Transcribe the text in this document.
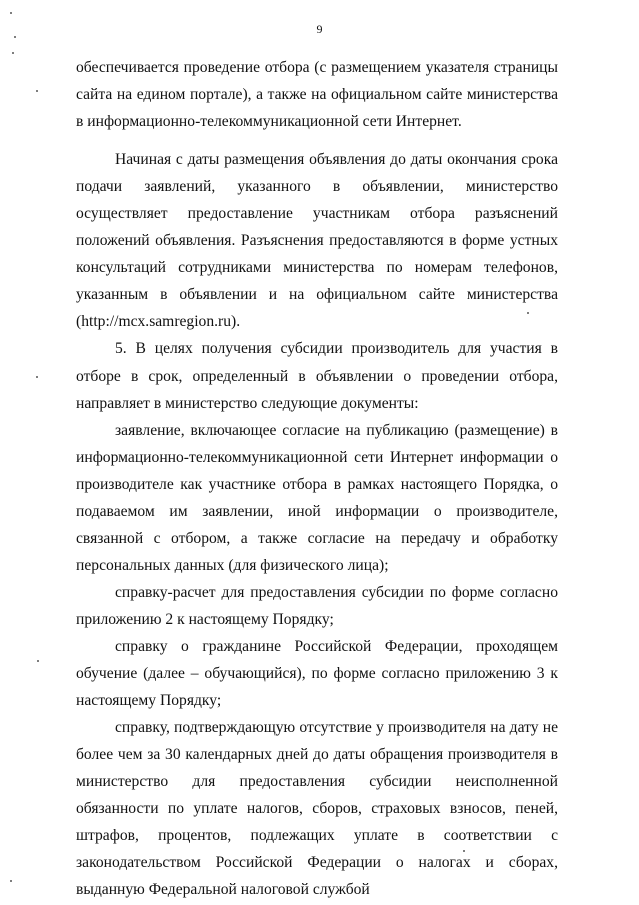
9

обеспечивается проведение отбора (с размещением указателя страницы сайта на едином портале), а также на официальном сайте министерства в информационно-телекоммуникационной сети Интернет.

Начиная с даты размещения объявления до даты окончания срока подачи заявлений, указанного в объявлении, министерство осуществляет предоставление участникам отбора разъяснений положений объявления. Разъяснения предоставляются в форме устных консультаций сотрудниками министерства по номерам телефонов, указанным в объявлении и на официальном сайте министерства (http://mcx.samregion.ru).

5. В целях получения субсидии производитель для участия в отборе в срок, определенный в объявлении о проведении отбора, направляет в министерство следующие документы:

заявление, включающее согласие на публикацию (размещение) в информационно-телекоммуникационной сети Интернет информации о производителе как участнике отбора в рамках настоящего Порядка, о подаваемом им заявлении, иной информации о производителе, связанной с отбором, а также согласие на передачу и обработку персональных данных (для физического лица);

справку-расчет для предоставления субсидии по форме согласно приложению 2 к настоящему Порядку;

справку о гражданине Российской Федерации, проходящем обучение (далее – обучающийся), по форме согласно приложению 3 к настоящему Порядку;

справку, подтверждающую отсутствие у производителя на дату не более чем за 30 календарных дней до даты обращения производителя в министерство для предоставления субсидии неисполненной обязанности по уплате налогов, сборов, страховых взносов, пеней, штрафов, процентов, подлежащих уплате в соответствии с законодательством Российской Федерации о налогах и сборах, выданную Федеральной налоговой службой
